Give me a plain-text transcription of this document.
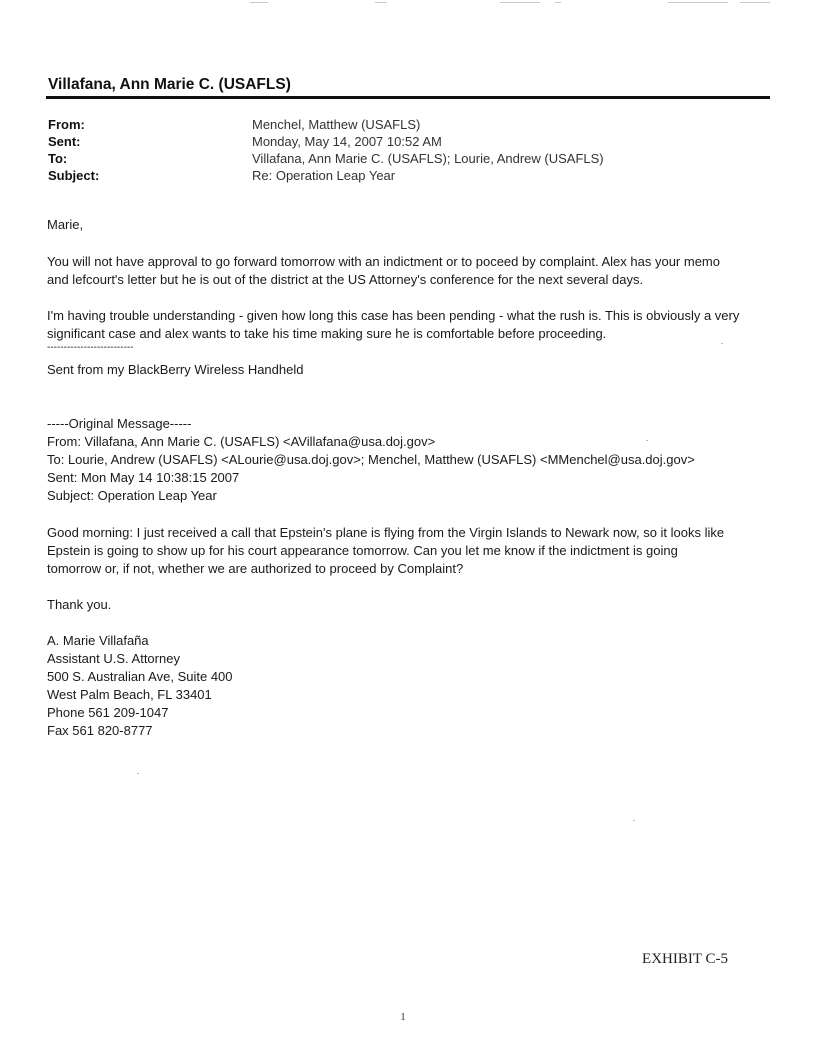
Villafana, Ann Marie C. (USAFLS)
From:	Menchel, Matthew (USAFLS)
Sent:	Monday, May 14, 2007 10:52 AM
To:	Villafana, Ann Marie C. (USAFLS); Lourie, Andrew (USAFLS)
Subject:	Re: Operation Leap Year
Marie,
You will not have approval to go forward tomorrow with an indictment or to poceed by complaint. Alex has your memo
and lefcourt's letter but he is out of the district at the US Attorney's conference for the next several days.
I'm having trouble understanding - given how long this case has been pending - what the rush is. This is obviously a very
significant case and alex wants to take his time making sure he is comfortable before proceeding.
--------------------------
Sent from my BlackBerry Wireless Handheld
-----Original Message-----
From: Villafana, Ann Marie C. (USAFLS) <AVillafana@usa.doj.gov>
To: Lourie, Andrew (USAFLS) <ALourie@usa.doj.gov>; Menchel, Matthew (USAFLS) <MMenchel@usa.doj.gov>
Sent: Mon May 14 10:38:15 2007
Subject: Operation Leap Year
Good morning: I just received a call that Epstein's plane is flying from the Virgin Islands to Newark now, so it looks like
Epstein is going to show up for his court appearance tomorrow. Can you let me know if the indictment is going
tomorrow or, if not, whether we are authorized to proceed by Complaint?
Thank you.
A. Marie Villafaña
Assistant U.S. Attorney
500 S. Australian Ave, Suite 400
West Palm Beach, FL 33401
Phone 561 209-1047
Fax 561 820-8777
EXHIBIT C-5
1
